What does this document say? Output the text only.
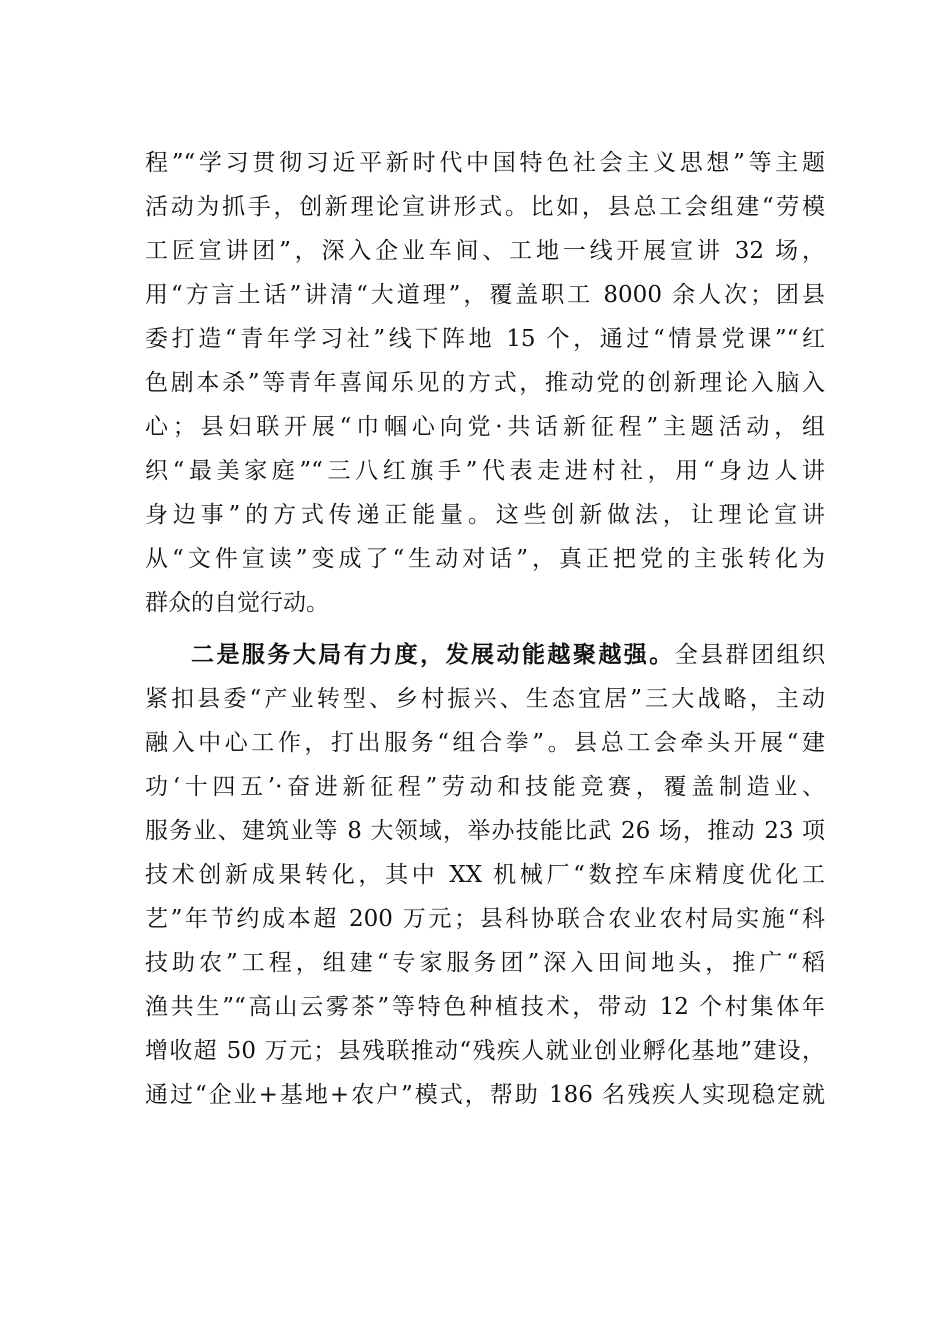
程”“学习贯彻习近平新时代中国特色社会主义思想”等主题
活动为抓手，创新理论宣讲形式。比如，县总工会组建“劳模
工匠宣讲团”，深入企业车间、工地一线开展宣讲 32 场，
用“方言土话”讲清“大道理”，覆盖职工 8000 余人次；团县
委打造“青年学习社”线下阵地 15 个，通过“情景党课”“红
色剧本杀”等青年喜闻乐见的方式，推动党的创新理论入脑入
心；县妇联开展“巾帼心向党·共话新征程”主题活动，组
织“最美家庭”“三八红旗手”代表走进村社，用“身边人讲
身边事”的方式传递正能量。这些创新做法，让理论宣讲
从“文件宣读”变成了“生动对话”，真正把党的主张转化为
群众的自觉行动。
二是服务大局有力度，发展动能越聚越强。全县群团组织
紧扣县委“产业转型、乡村振兴、生态宜居”三大战略，主动
融入中心工作，打出服务“组合拳”。县总工会牵头开展“建
功‘十四五’·奋进新征程”劳动和技能竞赛，覆盖制造业、
服务业、建筑业等 8 大领域，举办技能比武 26 场，推动 23 项
技术创新成果转化，其中 XX 机械厂“数控车床精度优化工
艺”年节约成本超 200 万元；县科协联合农业农村局实施“科
技助农”工程，组建“专家服务团”深入田间地头，推广“稻
渔共生”“高山云雾茶”等特色种植技术，带动 12 个村集体年
增收超 50 万元；县残联推动“残疾人就业创业孵化基地”建设，
通过“企业+基地+农户”模式，帮助 186 名残疾人实现稳定就
